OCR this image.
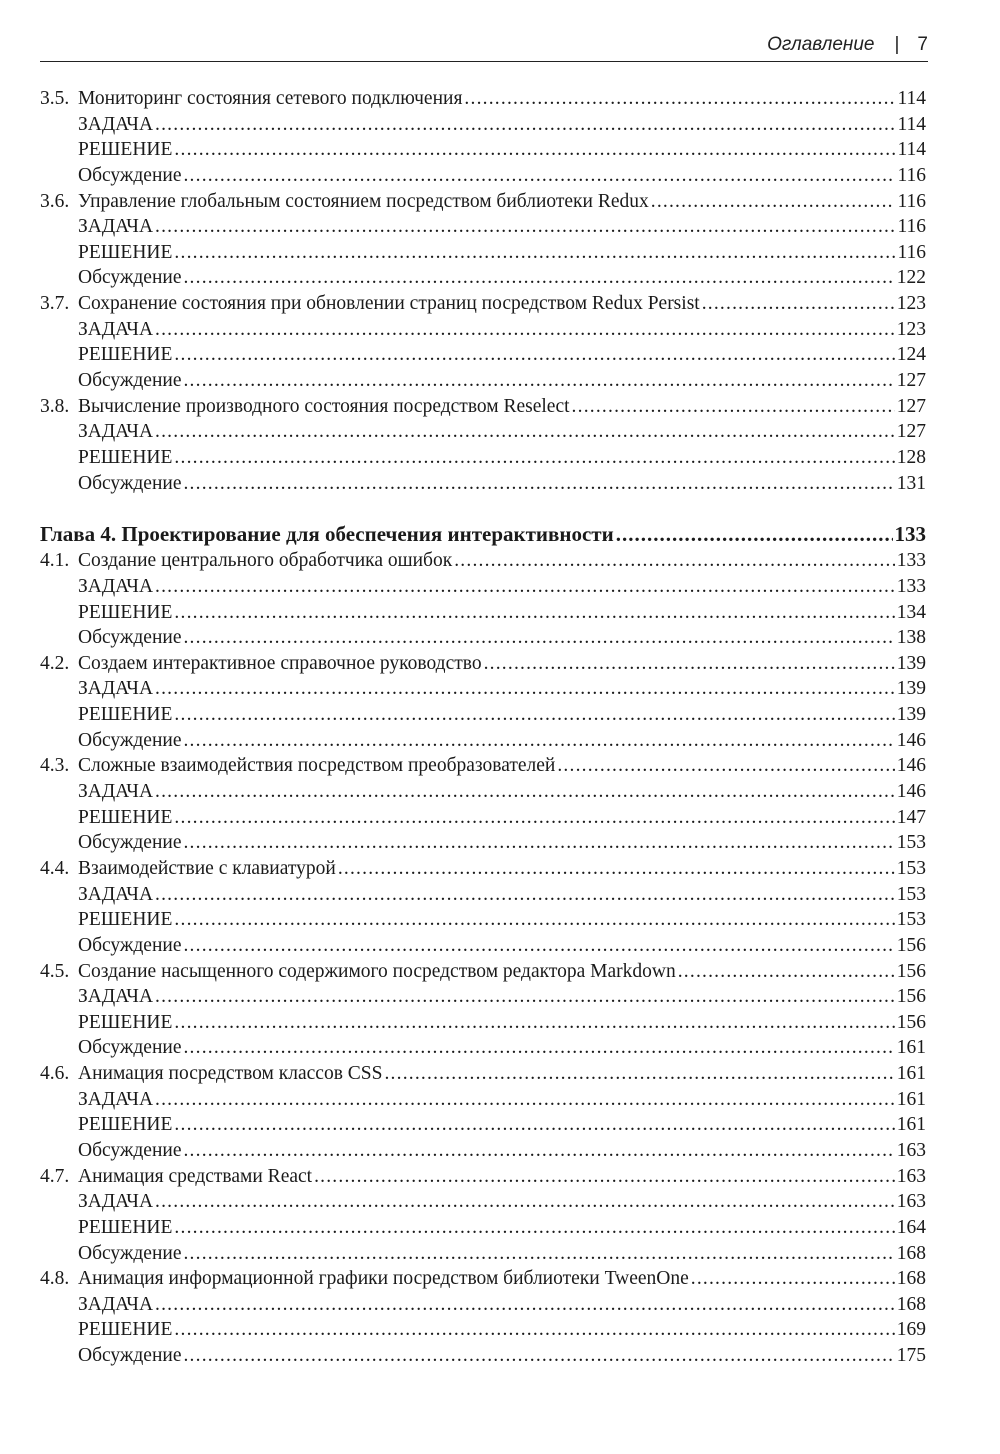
Оглавление | 7
3.5. Мониторинг состояния сетевого подключения .....	114
ЗАДАЧА .....	114
РЕШЕНИЕ .....	114
Обсуждение .....	116
3.6. Управление глобальным состоянием посредством библиотеки Redux .....	116
ЗАДАЧА .....	116
РЕШЕНИЕ .....	116
Обсуждение .....	122
3.7. Сохранение состояния при обновлении страниц посредством Redux Persist .....	123
ЗАДАЧА .....	123
РЕШЕНИЕ .....	124
Обсуждение .....	127
3.8. Вычисление производного состояния посредством Reselect .....	127
ЗАДАЧА .....	127
РЕШЕНИЕ .....	128
Обсуждение .....	131
Глава 4. Проектирование для обеспечения интерактивности .....	133
4.1. Создание центрального обработчика ошибок .....	133
ЗАДАЧА .....	133
РЕШЕНИЕ .....	134
Обсуждение .....	138
4.2. Создаем интерактивное справочное руководство .....	139
ЗАДАЧА .....	139
РЕШЕНИЕ .....	139
Обсуждение .....	146
4.3. Сложные взаимодействия посредством преобразователей .....	146
ЗАДАЧА .....	146
РЕШЕНИЕ .....	147
Обсуждение .....	153
4.4. Взаимодействие с клавиатурой .....	153
ЗАДАЧА .....	153
РЕШЕНИЕ .....	153
Обсуждение .....	156
4.5. Создание насыщенного содержимого посредством редактора Markdown .....	156
ЗАДАЧА .....	156
РЕШЕНИЕ .....	156
Обсуждение .....	161
4.6. Анимация посредством классов CSS .....	161
ЗАДАЧА .....	161
РЕШЕНИЕ .....	161
Обсуждение .....	163
4.7. Анимация средствами React .....	163
ЗАДАЧА .....	163
РЕШЕНИЕ .....	164
Обсуждение .....	168
4.8. Анимация информационной графики посредством библиотеки TweenOne .....	168
ЗАДАЧА .....	168
РЕШЕНИЕ .....	169
Обсуждение .....	175
